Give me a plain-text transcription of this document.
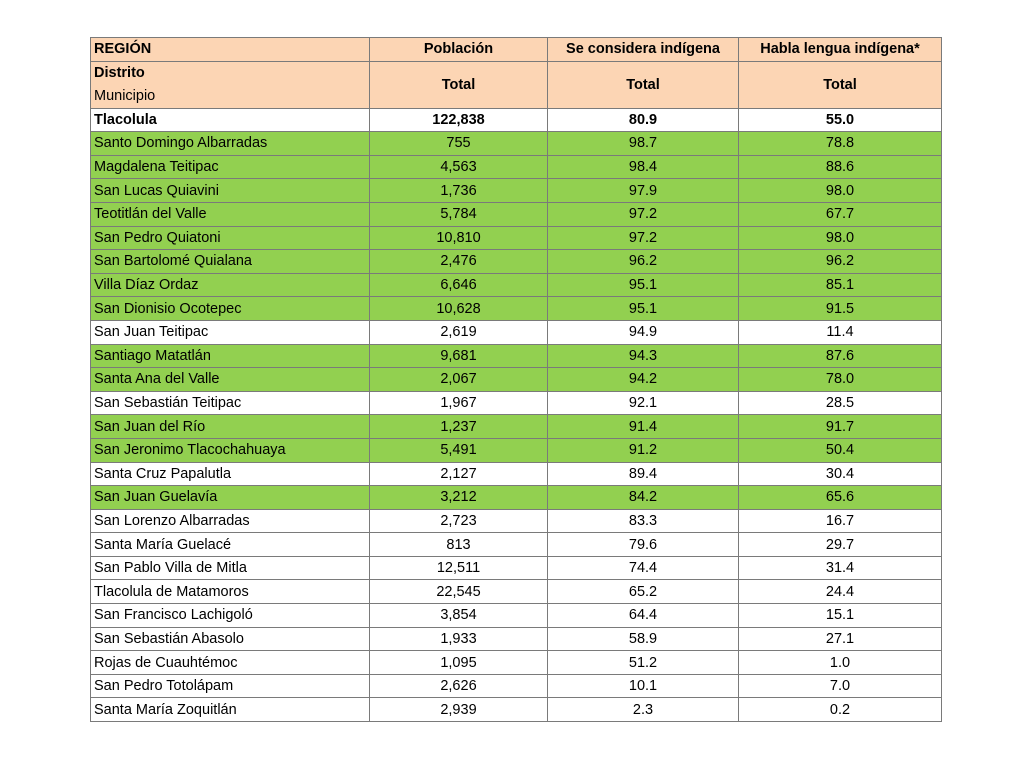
REGIÓN	Población	Se considera indígena	Habla lengua indígena*

Distrito
Municipio	Total	Total	Total
Tlacolula	122,838	80.9	55.0
Santo Domingo Albarradas	755	98.7	78.8
Magdalena Teitipac	4,563	98.4	88.6
San Lucas Quiavini	1,736	97.9	98.0
Teotitlán del Valle	5,784	97.2	67.7
San Pedro Quiatoni	10,810	97.2	98.0
San Bartolomé Quialana	2,476	96.2	96.2
Villa Díaz Ordaz	6,646	95.1	85.1
San Dionisio Ocotepec	10,628	95.1	91.5
San Juan Teitipac	2,619	94.9	11.4
Santiago Matatlán	9,681	94.3	87.6
Santa Ana del Valle	2,067	94.2	78.0
San Sebastián Teitipac	1,967	92.1	28.5
San Juan del Río	1,237	91.4	91.7
San Jeronimo Tlacochahuaya	5,491	91.2	50.4
Santa Cruz Papalutla	2,127	89.4	30.4
San Juan Guelavía	3,212	84.2	65.6
San Lorenzo Albarradas	2,723	83.3	16.7
Santa María Guelacé	813	79.6	29.7
San Pablo Villa de Mitla	12,511	74.4	31.4
Tlacolula de Matamoros	22,545	65.2	24.4
San Francisco Lachigoló	3,854	64.4	15.1
San Sebastián Abasolo	1,933	58.9	27.1
Rojas de Cuauhtémoc	1,095	51.2	1.0
San Pedro Totolápam	2,626	10.1	7.0
Santa María Zoquitlán	2,939	2.3	0.2
